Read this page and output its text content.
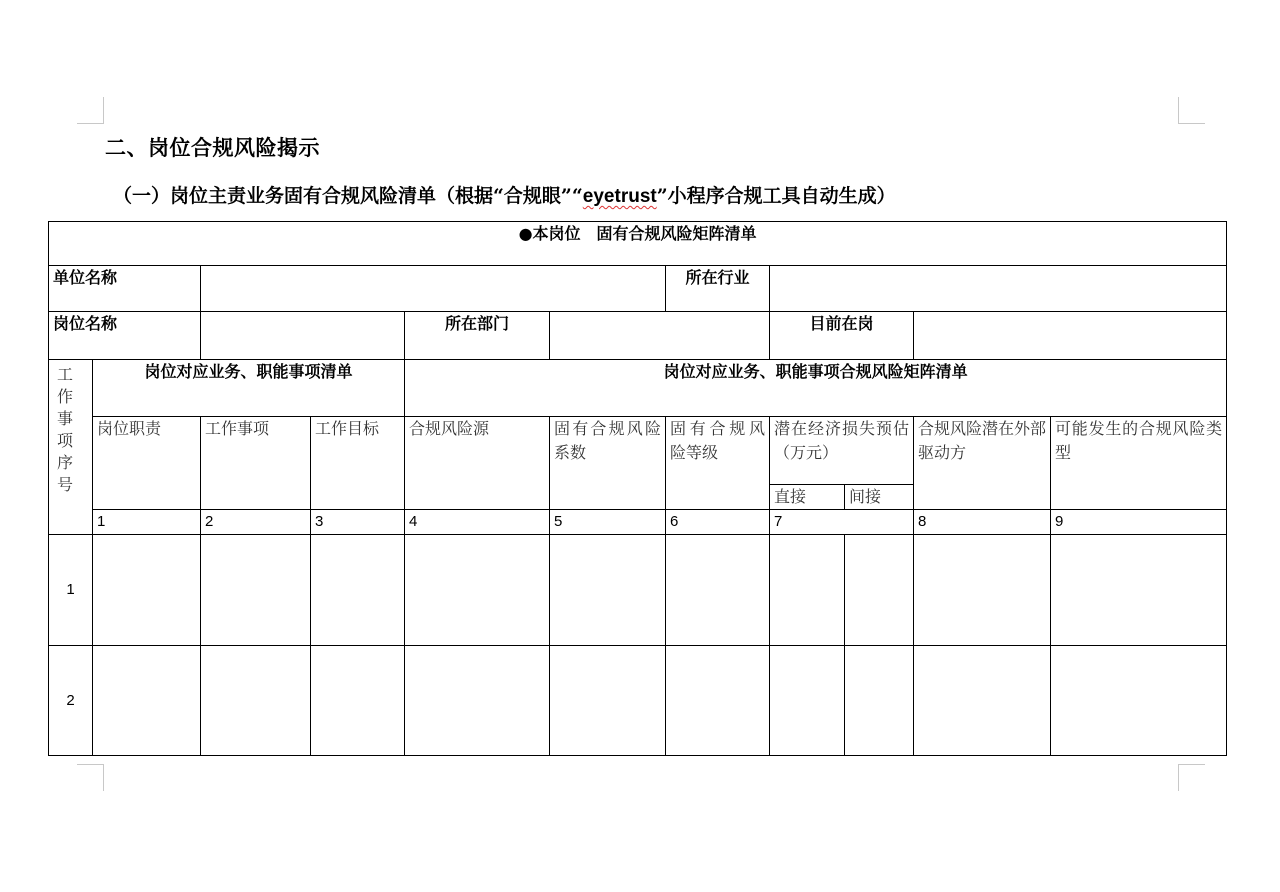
二、岗位合规风险揭示
（一）岗位主责业务固有合规风险清单（根据“合规眼”“eyetrust”小程序合规工具自动生成）
●本岗位　固有合规风险矩阵清单										
单位名称						所在行业				
岗位名称				所在部门			目前在岗			

工作事项序号	岗位对应业务、职能事项清单			岗位对应业务、职能事项合规风险矩阵清单						
	岗位职责	工作事项	工作目标	合规风险源	固有合规风险系数	固有合规风险等级	潜在经济损失预估（万元）		合规风险潜在外部驱动方	可能发生的合规风险类型
							直接	间接		
	1	2	3	4	5	6	7		8	9
1										
2										
